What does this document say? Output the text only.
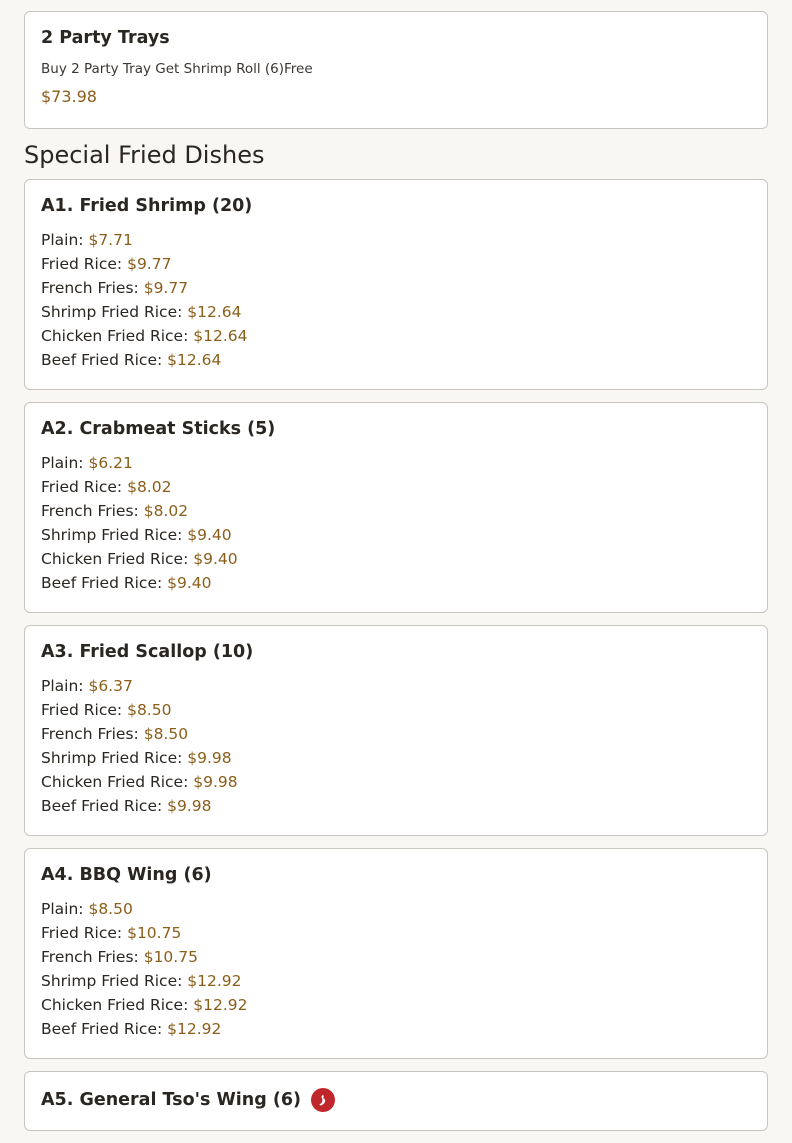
2 Party Trays
Buy 2 Party Tray Get Shrimp Roll (6)Free
$73.98
Special Fried Dishes
A1. Fried Shrimp (20)
Plain: $7.71
Fried Rice: $9.77
French Fries: $9.77
Shrimp Fried Rice: $12.64
Chicken Fried Rice: $12.64
Beef Fried Rice: $12.64
A2. Crabmeat Sticks (5)
Plain: $6.21
Fried Rice: $8.02
French Fries: $8.02
Shrimp Fried Rice: $9.40
Chicken Fried Rice: $9.40
Beef Fried Rice: $9.40
A3. Fried Scallop (10)
Plain: $6.37
Fried Rice: $8.50
French Fries: $8.50
Shrimp Fried Rice: $9.98
Chicken Fried Rice: $9.98
Beef Fried Rice: $9.98
A4. BBQ Wing (6)
Plain: $8.50
Fried Rice: $10.75
French Fries: $10.75
Shrimp Fried Rice: $12.92
Chicken Fried Rice: $12.92
Beef Fried Rice: $12.92
A5. General Tso's Wing (6)
